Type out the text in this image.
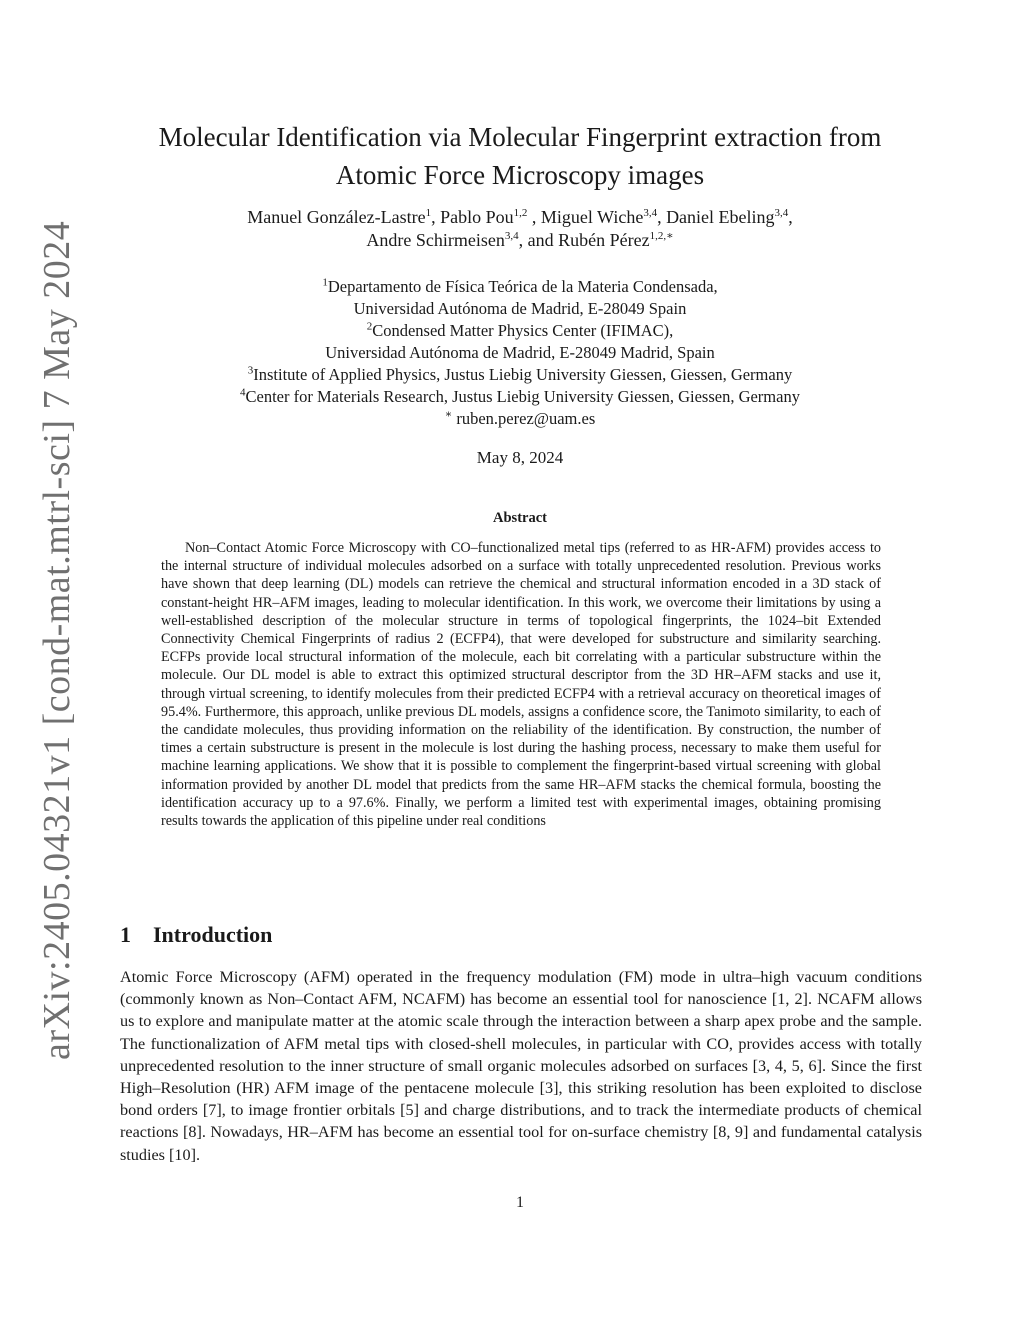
arXiv:2405.04321v1 [cond-mat.mtrl-sci] 7 May 2024
Molecular Identification via Molecular Fingerprint extraction from
Atomic Force Microscopy images
Manuel González-Lastre$^1$, Pablo Pou$^{1,2}$ , Miguel Wiche$^{3,4}$, Daniel Ebeling$^{3,4}$,
Andre Schirmeisen$^{3,4}$, and Rubén Pérez$^{1,2,∗}$
$^1$Departamento de Física Teórica de la Materia Condensada,
Universidad Autónoma de Madrid, E-28049 Spain
$^2$Condensed Matter Physics Center (IFIMAC),
Universidad Autónoma de Madrid, E-28049 Madrid, Spain
$^3$Institute of Applied Physics, Justus Liebig University Giessen, Giessen, Germany
$^4$Center for Materials Research, Justus Liebig University Giessen, Giessen, Germany
∗ ruben.perez@uam.es
May 8, 2024
Abstract

Non–Contact Atomic Force Microscopy with CO–functionalized metal tips (referred to as HR-AFM) provides access to the internal structure of individual molecules adsorbed on a surface with totally unprecedented resolution. Previous works have shown that deep learning (DL) models can retrieve the chemical and structural information encoded in a 3D stack of constant-height HR–AFM images, leading to molecular identification. In this work, we overcome their limitations by using a well-established description of the molecular structure in terms of topological fingerprints, the 1024–bit Extended Connectivity Chemical Fingerprints of radius 2 (ECFP4), that were developed for substructure and similarity searching. ECFPs provide local structural information of the molecule, each bit correlating with a particular substructure within the molecule. Our DL model is able to extract this optimized structural descriptor from the 3D HR–AFM stacks and use it, through virtual screening, to identify molecules from their predicted ECFP4 with a retrieval accuracy on theoretical images of 95.4%. Furthermore, this approach, unlike previous DL models, assigns a confidence score, the Tanimoto similarity, to each of the candidate molecules, thus providing information on the reliability of the identification. By construction, the number of times a certain substructure is present in the molecule is lost during the hashing process, necessary to make them useful for machine learning applications. We show that it is possible to complement the fingerprint-based virtual screening with global information provided by another DL model that predicts from the same HR–AFM stacks the chemical formula, boosting the identification accuracy up to a 97.6%. Finally, we perform a limited test with experimental images, obtaining promising results towards the application of this pipeline under real conditions

1 Introduction

Atomic Force Microscopy (AFM) operated in the frequency modulation (FM) mode in ultra–high vacuum conditions (commonly known as Non–Contact AFM, NCAFM) has become an essential tool for nanoscience [1, 2]. NCAFM allows us to explore and manipulate matter at the atomic scale through the interaction between a sharp apex probe and the sample. The functionalization of AFM metal tips with closed-shell molecules, in particular with CO, provides access with totally unprecedented resolution to the inner structure of small organic molecules adsorbed on surfaces [3, 4, 5, 6]. Since the first High–Resolution (HR) AFM image of the pentacene molecule [3], this striking resolution has been exploited to disclose bond orders [7], to image frontier orbitals [5] and charge distributions, and to track the intermediate products of chemical reactions [8]. Nowadays, HR–AFM has become an essential tool for on-surface chemistry [8, 9] and fundamental catalysis studies [10].

1
